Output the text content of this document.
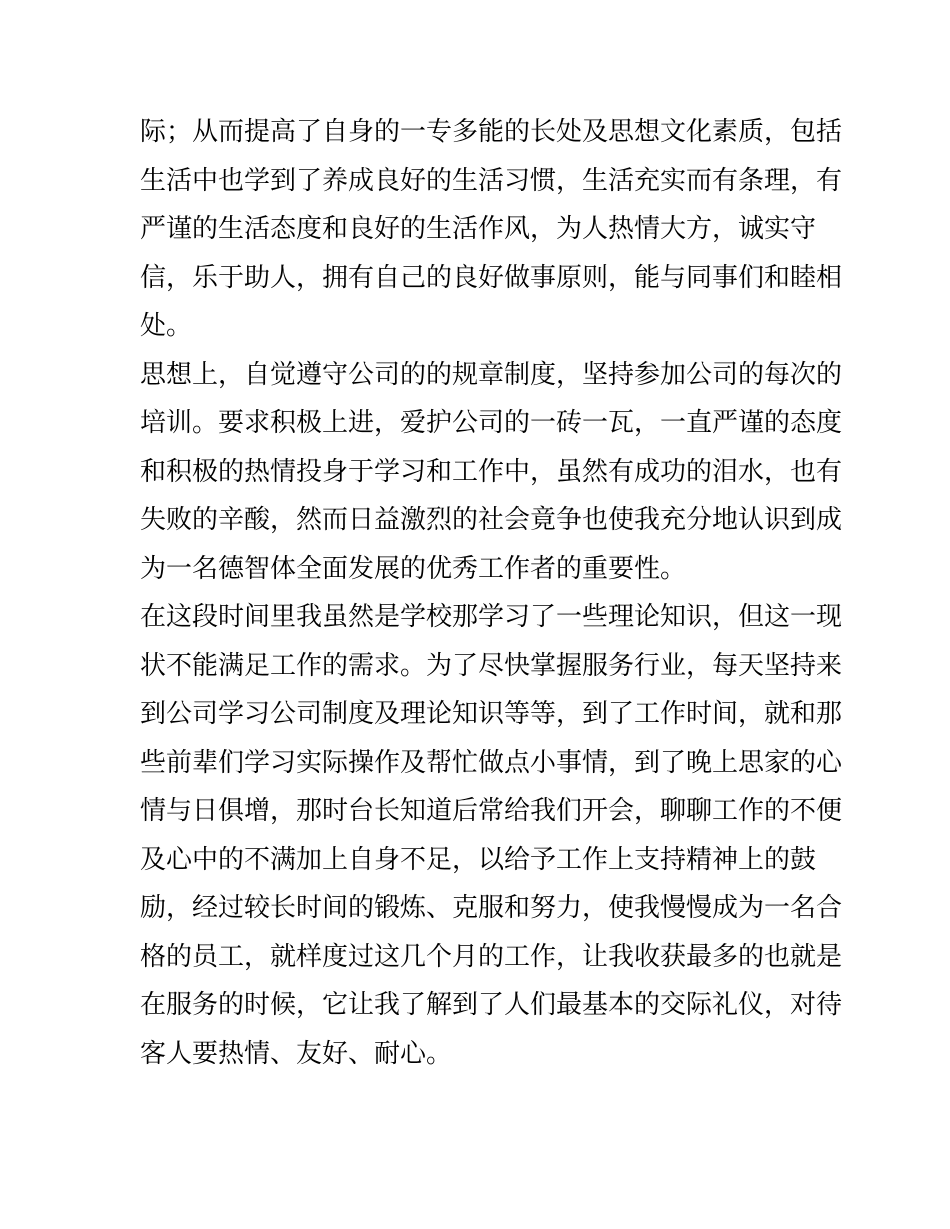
际；从而提高了自身的一专多能的长处及思想文化素质，包括
生活中也学到了养成良好的生活习惯，生活充实而有条理，有
严谨的生活态度和良好的生活作风，为人热情大方，诚实守
信，乐于助人，拥有自己的良好做事原则，能与同事们和睦相
处。
思想上，自觉遵守公司的的规章制度，坚持参加公司的每次的
培训。要求积极上进，爱护公司的一砖一瓦，一直严谨的态度
和积极的热情投身于学习和工作中，虽然有成功的泪水，也有
失败的辛酸，然而日益激烈的社会竟争也使我充分地认识到成
为一名德智体全面发展的优秀工作者的重要性。
在这段时间里我虽然是学校那学习了一些理论知识，但这一现
状不能满足工作的需求。为了尽快掌握服务行业，每天坚持来
到公司学习公司制度及理论知识等等，到了工作时间，就和那
些前辈们学习实际操作及帮忙做点小事情，到了晚上思家的心
情与日俱增，那时台长知道后常给我们开会，聊聊工作的不便
及心中的不满加上自身不足，以给予工作上支持精神上的鼓
励，经过较长时间的锻炼、克服和努力，使我慢慢成为一名合
格的员工，就样度过这几个月的工作，让我收获最多的也就是
在服务的时候，它让我了解到了人们最基本的交际礼仪，对待
客人要热情、友好、耐心。
